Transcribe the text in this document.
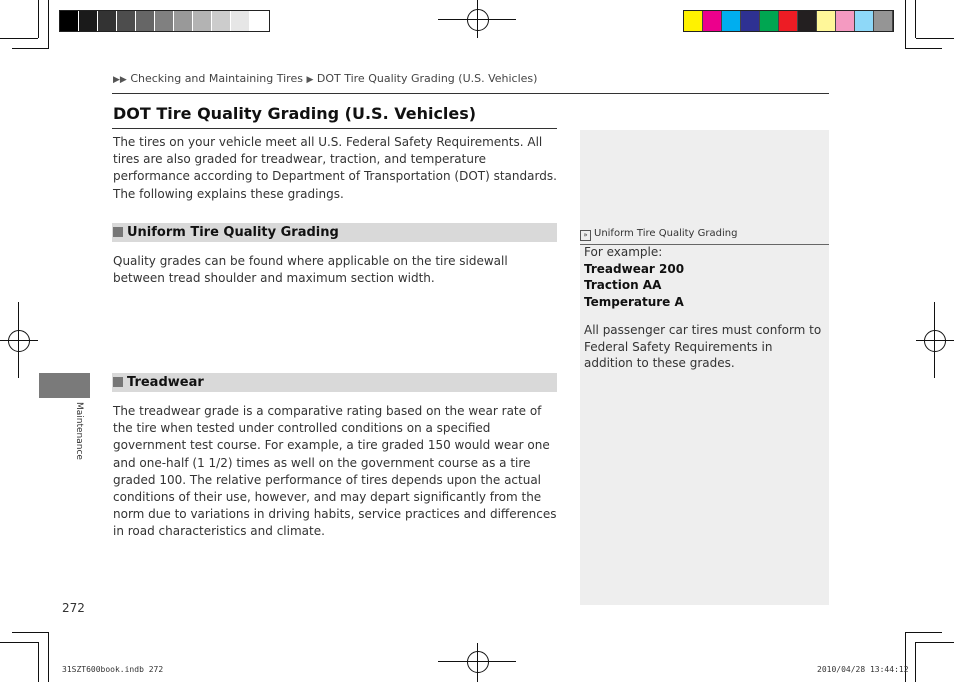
▶▶ Checking and Maintaining Tires ▶ DOT Tire Quality Grading (U.S. Vehicles)
DOT Tire Quality Grading (U.S. Vehicles)
The tires on your vehicle meet all U.S. Federal Safety Requirements. All tires are also graded for treadwear, traction, and temperature performance according to Department of Transportation (DOT) standards. The following explains these gradings.
Uniform Tire Quality Grading
Quality grades can be found where applicable on the tire sidewall between tread shoulder and maximum section width.
Treadwear
The treadwear grade is a comparative rating based on the wear rate of the tire when tested under controlled conditions on a specified government test course. For example, a tire graded 150 would wear one and one-half (1 1/2) times as well on the government course as a tire graded 100. The relative performance of tires depends upon the actual conditions of their use, however, and may depart significantly from the norm due to variations in driving habits, service practices and differences in road characteristics and climate.
» Uniform Tire Quality Grading
For example:
Treadwear 200
Traction AA
Temperature A
All passenger car tires must conform to Federal Safety Requirements in addition to these grades.
Maintenance
272
31SZT600book.indb 272	2010/04/28 13:44:12
